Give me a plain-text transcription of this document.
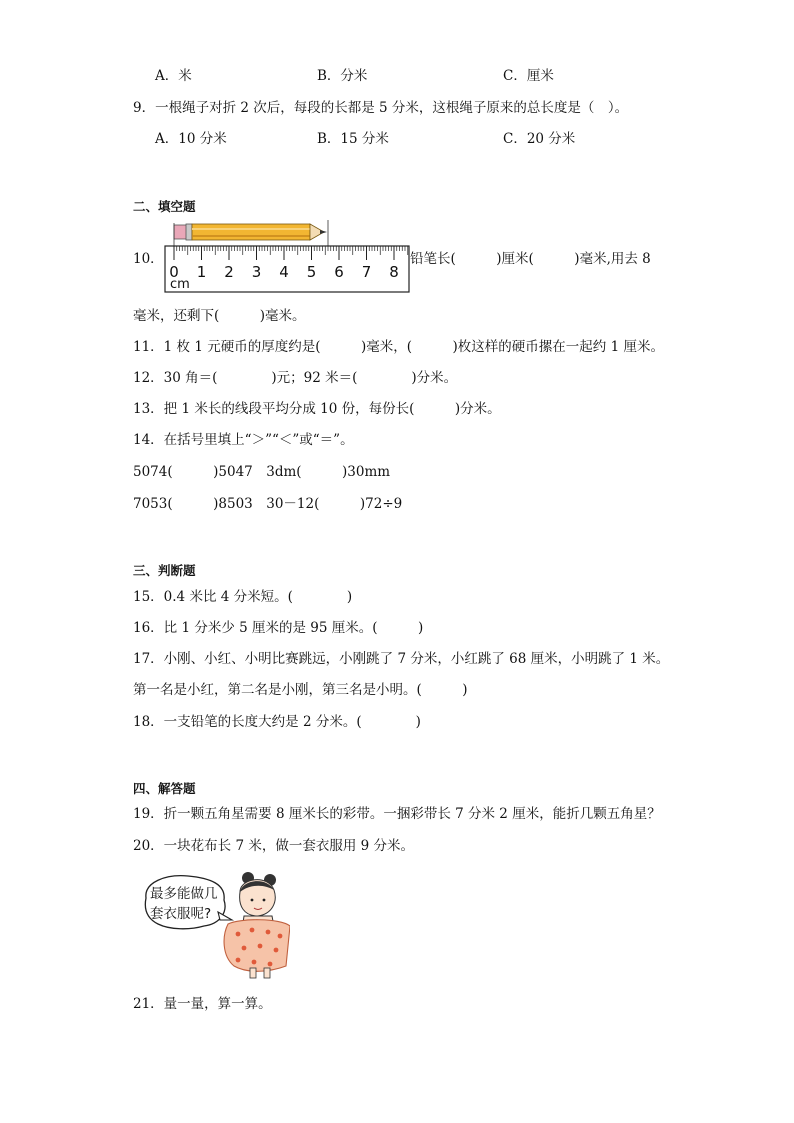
A．米	B．分米	C．厘米
9．一根绳子对折 2 次后，每段的长都是 5 分米，这根绳子原来的总长度是（　）。
A．10 分米	B．15 分米	C．20 分米
二、填空题
10．
0 1 2 3 4 5 6 7 8
cm
铅笔长(　　　)厘米(　　　)毫米,用去 8
毫米，还剩下(　　　)毫米。
11．1 枚 1 元硬币的厚度约是(　　　)毫米，(　　　)枚这样的硬币摞在一起约 1 厘米。
12．30 角＝(　　　　)元；92 米＝(　　　　)分米。
13．把 1 米长的线段平均分成 10 份，每份长(　　　)分米。
14．在括号里填上“＞”“＜”或“＝”。
5074(　　　)5047　3dm(　　　)30mm
7053(　　　)8503　30－12(　　　)72÷9
三、判断题
15．0.4 米比 4 分米短。(　　　　)
16．比 1 分米少 5 厘米的是 95 厘米。(　　　)
17．小刚、小红、小明比赛跳远，小刚跳了 7 分米，小红跳了 68 厘米，小明跳了 1 米。
第一名是小红，第二名是小刚，第三名是小明。(　　　)
18．一支铅笔的长度大约是 2 分米。(　　　　)
四、解答题
19．折一颗五角星需要 8 厘米长的彩带。一捆彩带长 7 分米 2 厘米，能折几颗五角星？
20．一块花布长 7 米，做一套衣服用 9 分米。
最多能做几
套衣服呢?
21．量一量，算一算。
